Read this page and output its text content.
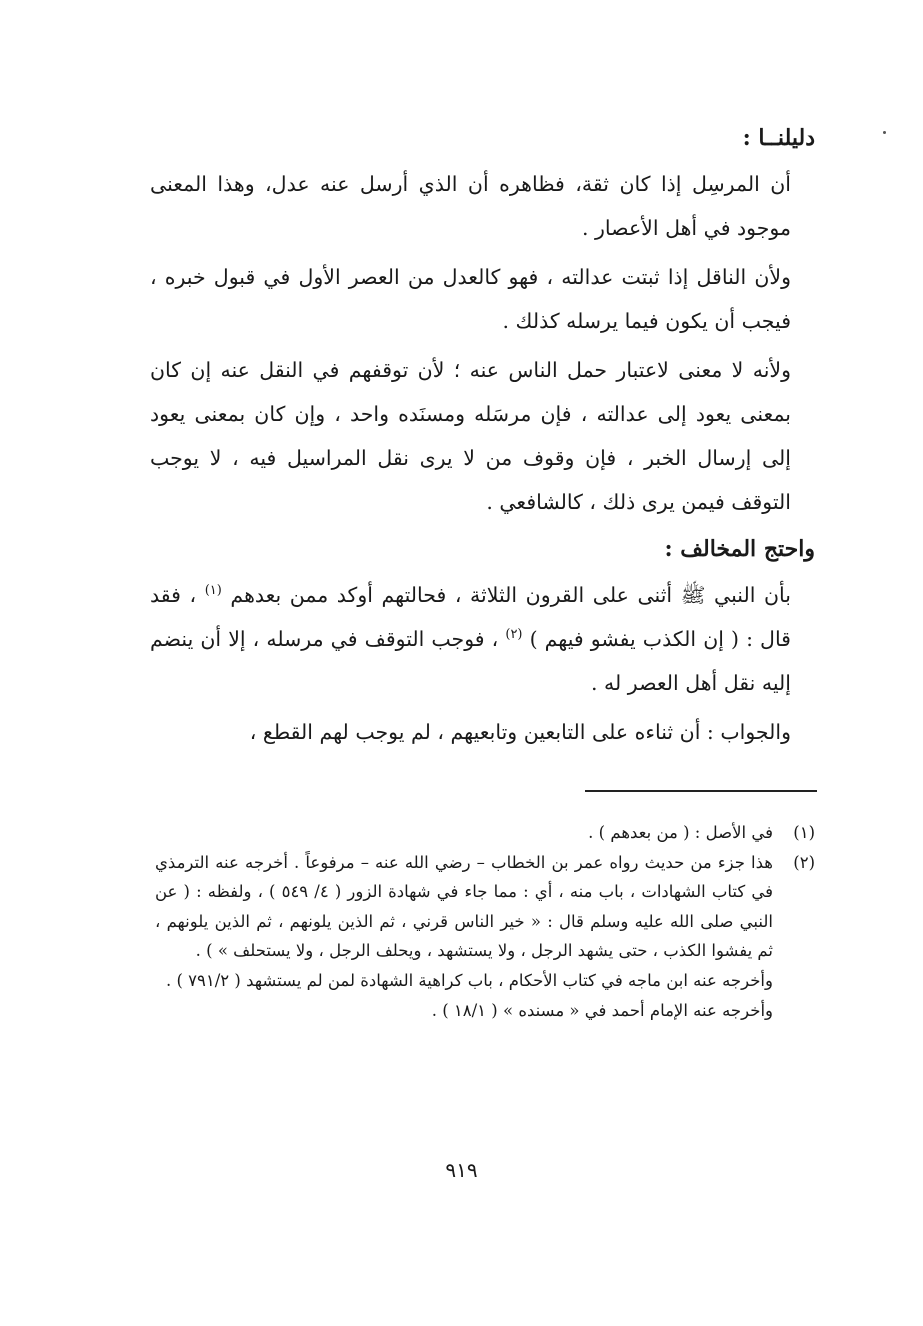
دليلنــا :

أن المرسِل إذا كان ثقة، فظاهره أن الذي أرسل عنه عدل، وهذا المعنى موجود في أهل الأعصار .

ولأن الناقل إذا ثبتت عدالته ، فهو كالعدل من العصر الأول في قبول خبره ، فيجب أن يكون فيما يرسله كذلك .

ولأنه لا معنى لاعتبار حمل الناس عنه ؛ لأن توقفهم في النقل عنه إن كان بمعنى يعود إلى عدالته ، فإن مرسَله ومسنَده واحد ، وإن كان بمعنى يعود إلى إرسال الخبر ، فإن وقوف من لا يرى نقل المراسيل فيه ، لا يوجب التوقف فيمن يرى ذلك ، كالشافعي .

واحتج المخالف :

بأن النبي ﷺ أثنى على القرون الثلاثة ، فحالتهم أوكد ممن بعدهم $^{(١)}$ ، فقد قال : ( إن الكذب يفشو فيهم ) $^{(٢)}$ ، فوجب التوقف في مرسله ، إلا أن ينضم إليه نقل أهل العصر له .

والجواب : أن ثناءه على التابعين وتابعيهم ، لم يوجب لهم القطع ،

(١)
في الأصل : ( من بعدهم ) .
(٢)
هذا جزء من حديث رواه عمر بن الخطاب – رضي الله عنه – مرفوعاً . أخرجه عنه الترمذي في كتاب الشهادات ، باب منه ، أي : مما جاء في شهادة الزور ( ٤/ ٥٤٩ ) ، ولفظه : ( عن النبي صلى الله عليه وسلم قال : « خير الناس قرني ، ثم الذين يلونهم ، ثم الذين يلونهم ، ثم يفشوا الكذب ، حتى يشهد الرجل ، ولا يستشهد ، ويحلف الرجل ، ولا يستحلف » ) .
وأخرجه عنه ابن ماجه في كتاب الأحكام ، باب كراهية الشهادة لمن لم يستشهد ( ٧٩١/٢ ) .
وأخرجه عنه الإمام أحمد في « مسنده » ( ١٨/١ ) .
٩١٩
